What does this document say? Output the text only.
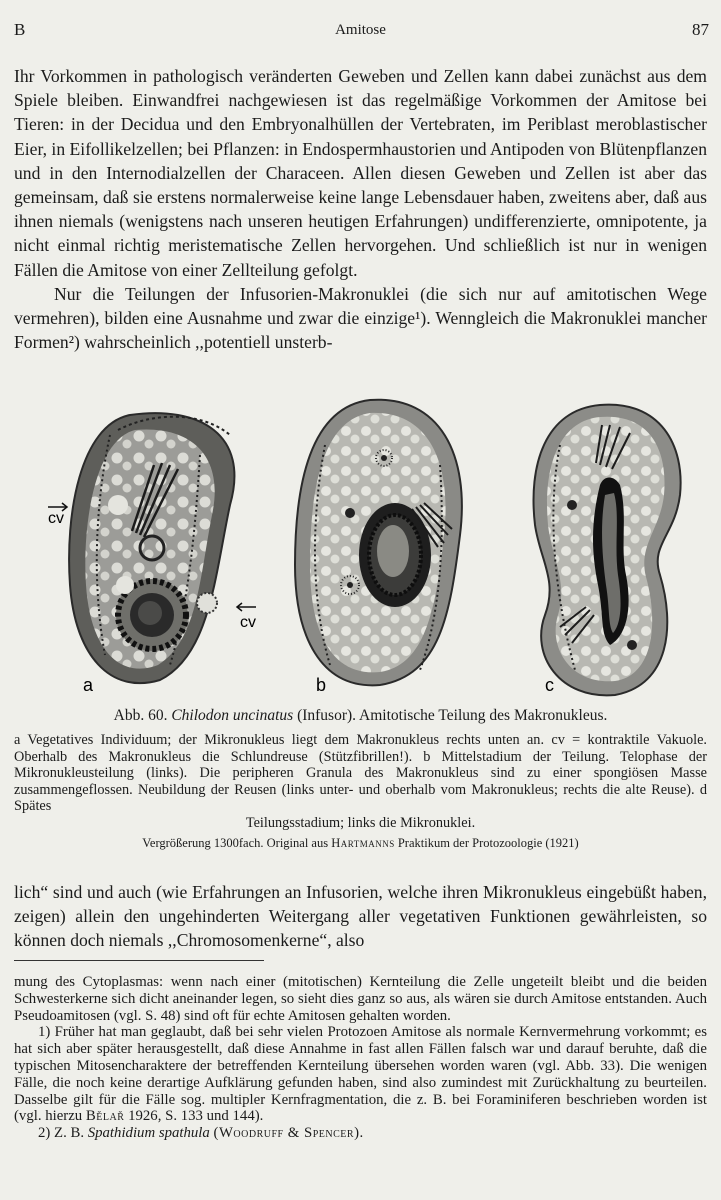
B	Amitose	87

Ihr Vorkommen in pathologisch veränderten Geweben und Zellen kann dabei zunächst aus dem Spiele bleiben. Einwandfrei nachgewiesen ist das regelmäßige Vorkommen der Amitose bei Tieren: in der Decidua und den Embryonalhüllen der Vertebraten, im Periblast meroblastischer Eier, in Eifollikelzellen; bei Pflanzen: in Endospermhaustorien und Antipoden von Blütenpflanzen und in den Internodialzellen der Characeen. Allen diesen Geweben und Zellen ist aber das gemeinsam, daß sie erstens normalerweise keine lange Lebensdauer haben, zweitens aber, daß aus ihnen niemals (wenigstens nach unseren heutigen Erfahrungen) undifferenzierte, omnipotente, ja nicht einmal richtig meristematische Zellen hervorgehen. Und schließlich ist nur in wenigen Fällen die Amitose von einer Zellteilung gefolgt.

Nur die Teilungen der Infusorien-Makronuklei (die sich nur auf amitotischen Wege vermehren), bilden eine Ausnahme und zwar die einzige¹). Wenngleich die Makronuklei mancher Formen²) wahrscheinlich ,,potentiell unsterb-

cv
cv
a	b	c
Abb. 60. Chilodon uncinatus (Infusor). Amitotische Teilung des Makronukleus.

a Vegetatives Individuum; der Mikronukleus liegt dem Makronukleus rechts unten an. cv = kontraktile Vakuole. Oberhalb des Makronukleus die Schlundreuse (Stützfibrillen!). b Mittelstadium der Teilung. Telophase der Mikronukleusteilung (links). Die peripheren Granula des Makronukleus sind zu einer spongiösen Masse zusammengeflossen. Neubildung der Reusen (links unter- und oberhalb vom Makronukleus; rechts die alte Reuse). d Spätes

Teilungsstadium; links die Mikronuklei.

Vergrößerung 1300fach. Original aus Hartmanns Praktikum der Protozoologie (1921)

lich“ sind und auch (wie Erfahrungen an Infusorien, welche ihren Mikronukleus eingebüßt haben, zeigen) allein den ungehinderten Weitergang aller vegetativen Funktionen gewährleisten, so können doch niemals ,,Chromosomenkerne“, also

mung des Cytoplasmas: wenn nach einer (mitotischen) Kernteilung die Zelle ungeteilt bleibt und die beiden Schwesterkerne sich dicht aneinander legen, so sieht dies ganz so aus, als wären sie durch Amitose entstanden. Auch Pseudoamitosen (vgl. S. 48) sind oft für echte Amitosen gehalten worden.

1) Früher hat man geglaubt, daß bei sehr vielen Protozoen Amitose als normale Kernvermehrung vorkommt; es hat sich aber später herausgestellt, daß diese Annahme in fast allen Fällen falsch war und darauf beruhte, daß die typischen Mitosencharaktere der betreffenden Kernteilung übersehen worden waren (vgl. Abb. 33). Die wenigen Fälle, die noch keine derartige Aufklärung gefunden haben, sind also zumindest mit Zurückhaltung zu beurteilen. Dasselbe gilt für die Fälle sog. multipler Kernfragmentation, die z. B. bei Foraminiferen beschrieben worden ist (vgl. hierzu Bělař 1926, S. 133 und 144).

2) Z. B. Spathidium spathula (Woodruff & Spencer).
